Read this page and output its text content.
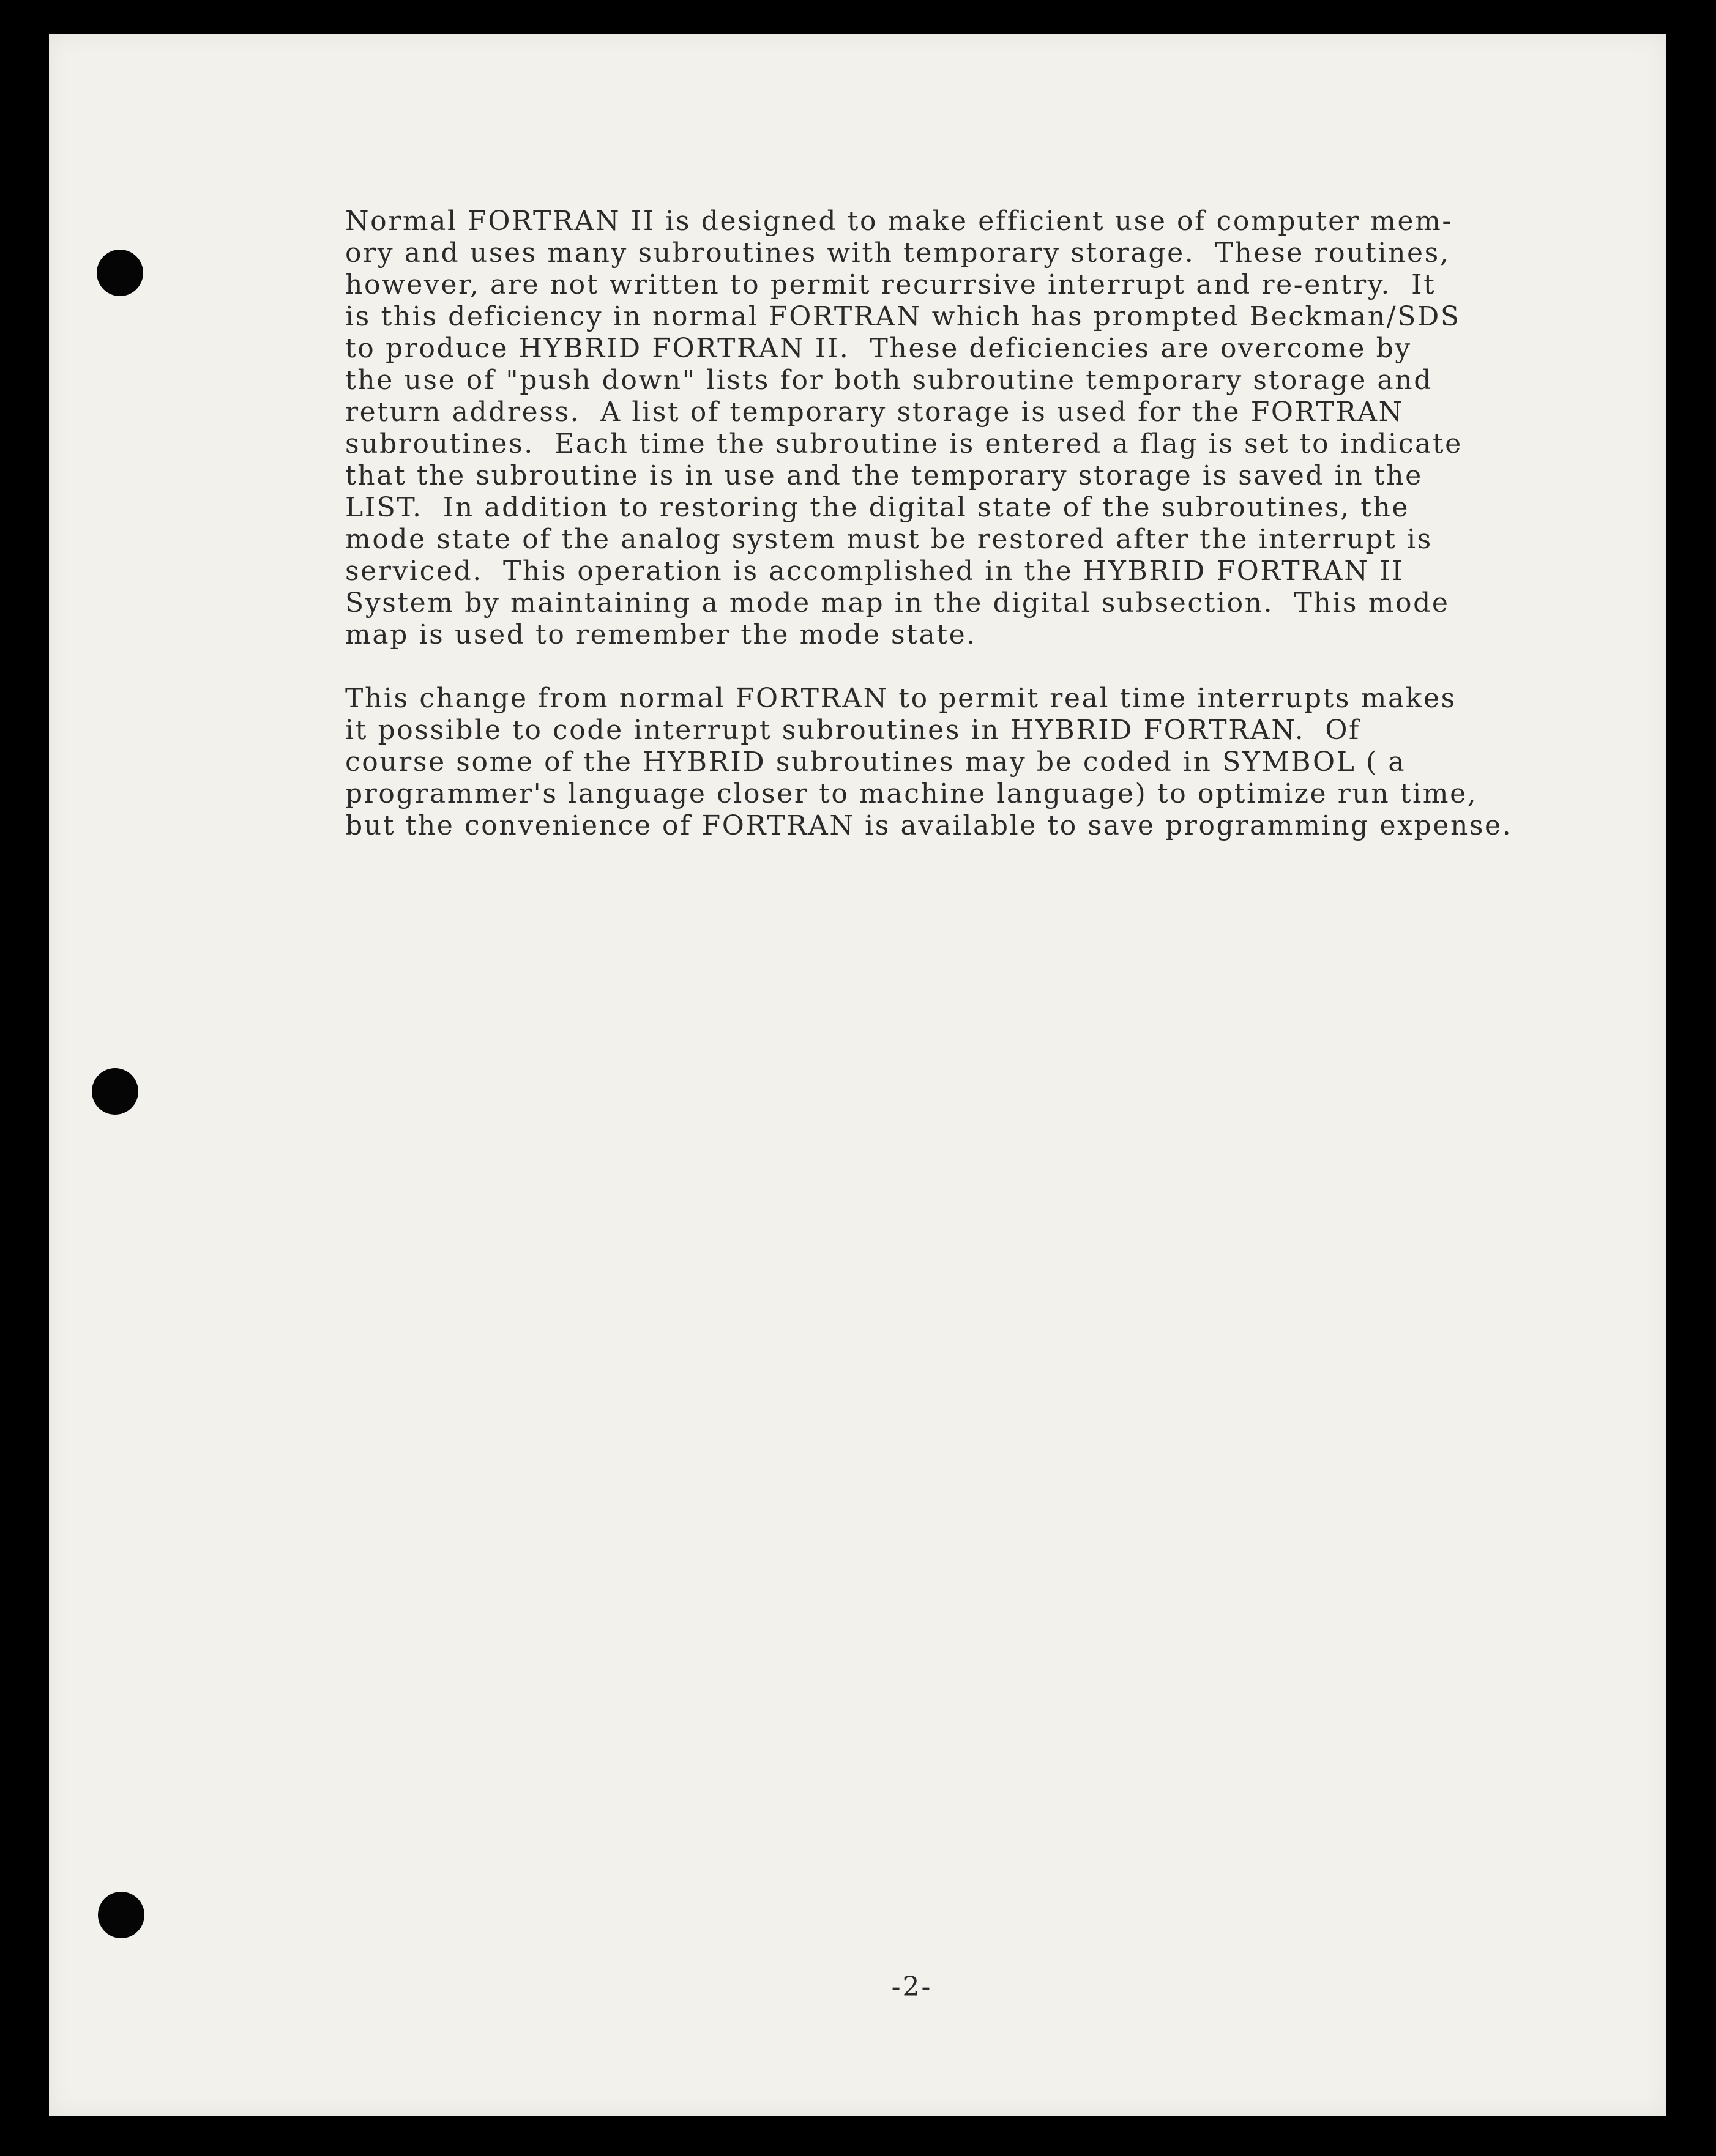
Normal FORTRAN II is designed to make efficient use of computer mem-
ory and uses many subroutines with temporary storage.  These routines,
however, are not written to permit recurrsive interrupt and re-entry.  It
is this deficiency in normal FORTRAN which has prompted Beckman/SDS
to produce HYBRID FORTRAN II.  These deficiencies are overcome by
the use of "push down" lists for both subroutine temporary storage and
return address.  A list of temporary storage is used for the FORTRAN
subroutines.  Each time the subroutine is entered a flag is set to indicate
that the subroutine is in use and the temporary storage is saved in the
LIST.  In addition to restoring the digital state of the subroutines, the
mode state of the analog system must be restored after the interrupt is
serviced.  This operation is accomplished in the HYBRID FORTRAN II
System by maintaining a mode map in the digital subsection.  This mode
map is used to remember the mode state.
This change from normal FORTRAN to permit real time interrupts makes
it possible to code interrupt subroutines in HYBRID FORTRAN.  Of
course some of the HYBRID subroutines may be coded in SYMBOL ( a
programmer's language closer to machine language) to optimize run time,
but the convenience of FORTRAN is available to save programming expense.
-2-
